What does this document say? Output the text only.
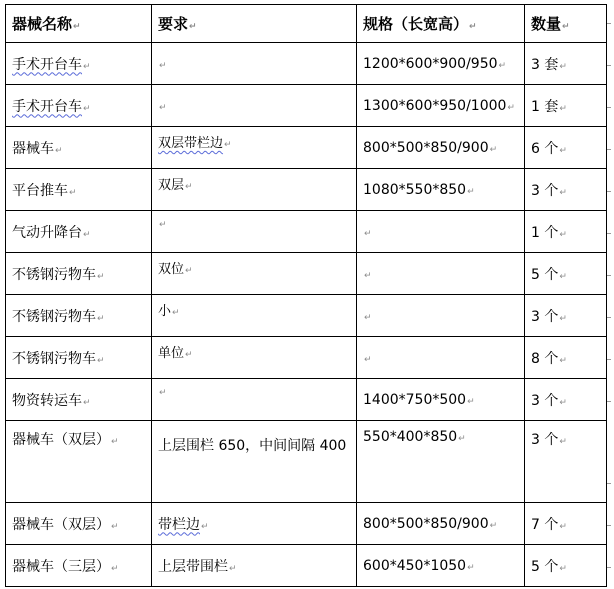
器械名称↵	要求↵	规格（长宽高）↵	数量↵
手术开台车↵	↵	1200*600*900/950↵	3 套↵
手术开台车↵	↵	1300*600*950/1000↵	1 套↵
器械车↵	双层带栏边↵	800*500*850/900↵	6 个↵
平台推车↵	双层↵	1080*550*850↵	3 个↵
气动升降台↵	↵	↵	1 个↵
不锈钢污物车↵	双位↵	↵	5 个↵
不锈钢污物车↵	小↵	↵	3 个↵
不锈钢污物车↵	单位↵	↵	8 个↵
物资转运车↵	↵	1400*750*500↵	3 个↵
器械车（双层）↵	上层围栏 650，中间间隔 400	550*400*850↵	3 个↵
器械车（双层）↵	带栏边↵	800*500*850/900↵	7 个↵
器械车（三层）↵	上层带围栏↵	600*450*1050↵	5 个↵
